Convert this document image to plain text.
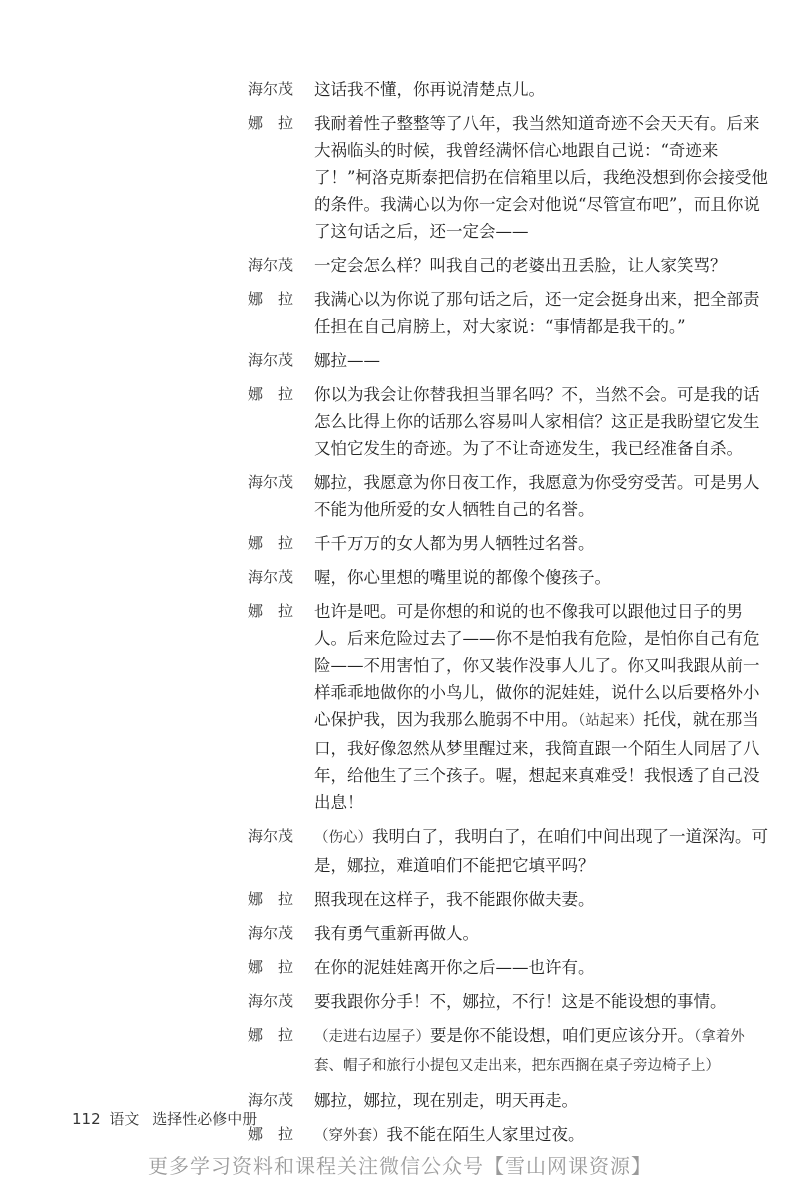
海尔茂	这话我不懂，你再说清楚点儿。
娜　拉	我耐着性子整整等了八年，我当然知道奇迹不会天天有。后来大祸临头的时候，我曾经满怀信心地跟自己说：“奇迹来了！”柯洛克斯泰把信扔在信箱里以后，我绝没想到你会接受他的条件。我满心以为你一定会对他说“尽管宣布吧”，而且你说了这句话之后，还一定会——
海尔茂	一定会怎么样？叫我自己的老婆出丑丢脸，让人家笑骂？
娜　拉	我满心以为你说了那句话之后，还一定会挺身出来，把全部责任担在自己肩膀上，对大家说：“事情都是我干的。”
海尔茂	娜拉——
娜　拉	你以为我会让你替我担当罪名吗？不，当然不会。可是我的话怎么比得上你的话那么容易叫人家相信？这正是我盼望它发生又怕它发生的奇迹。为了不让奇迹发生，我已经准备自杀。
海尔茂	娜拉，我愿意为你日夜工作，我愿意为你受穷受苦。可是男人不能为他所爱的女人牺牲自己的名誉。
娜　拉	千千万万的女人都为男人牺牲过名誉。
海尔茂	喔，你心里想的嘴里说的都像个傻孩子。
娜　拉	也许是吧。可是你想的和说的也不像我可以跟他过日子的男人。后来危险过去了——你不是怕我有危险，是怕你自己有危险——不用害怕了，你又装作没事人儿了。你又叫我跟从前一样乖乖地做你的小鸟儿，做你的泥娃娃，说什么以后要格外小心保护我，因为我那么脆弱不中用。（站起来）托伐，就在那当口，我好像忽然从梦里醒过来，我简直跟一个陌生人同居了八年，给他生了三个孩子。喔，想起来真难受！我恨透了自己没出息！
海尔茂	（伤心）我明白了，我明白了，在咱们中间出现了一道深沟。可是，娜拉，难道咱们不能把它填平吗？
娜　拉	照我现在这样子，我不能跟你做夫妻。
海尔茂	我有勇气重新再做人。
娜　拉	在你的泥娃娃离开你之后——也许有。
海尔茂	要我跟你分手！不，娜拉，不行！这是不能设想的事情。
娜　拉	（走进右边屋子）要是你不能设想，咱们更应该分开。（拿着外套、帽子和旅行小提包又走出来，把东西搁在桌子旁边椅子上）
海尔茂	娜拉，娜拉，现在别走，明天再走。
娜　拉	（穿外套）我不能在陌生人家里过夜。
112 语文 选择性必修中册
更多学习资料和课程关注微信公众号【雪山网课资源】
